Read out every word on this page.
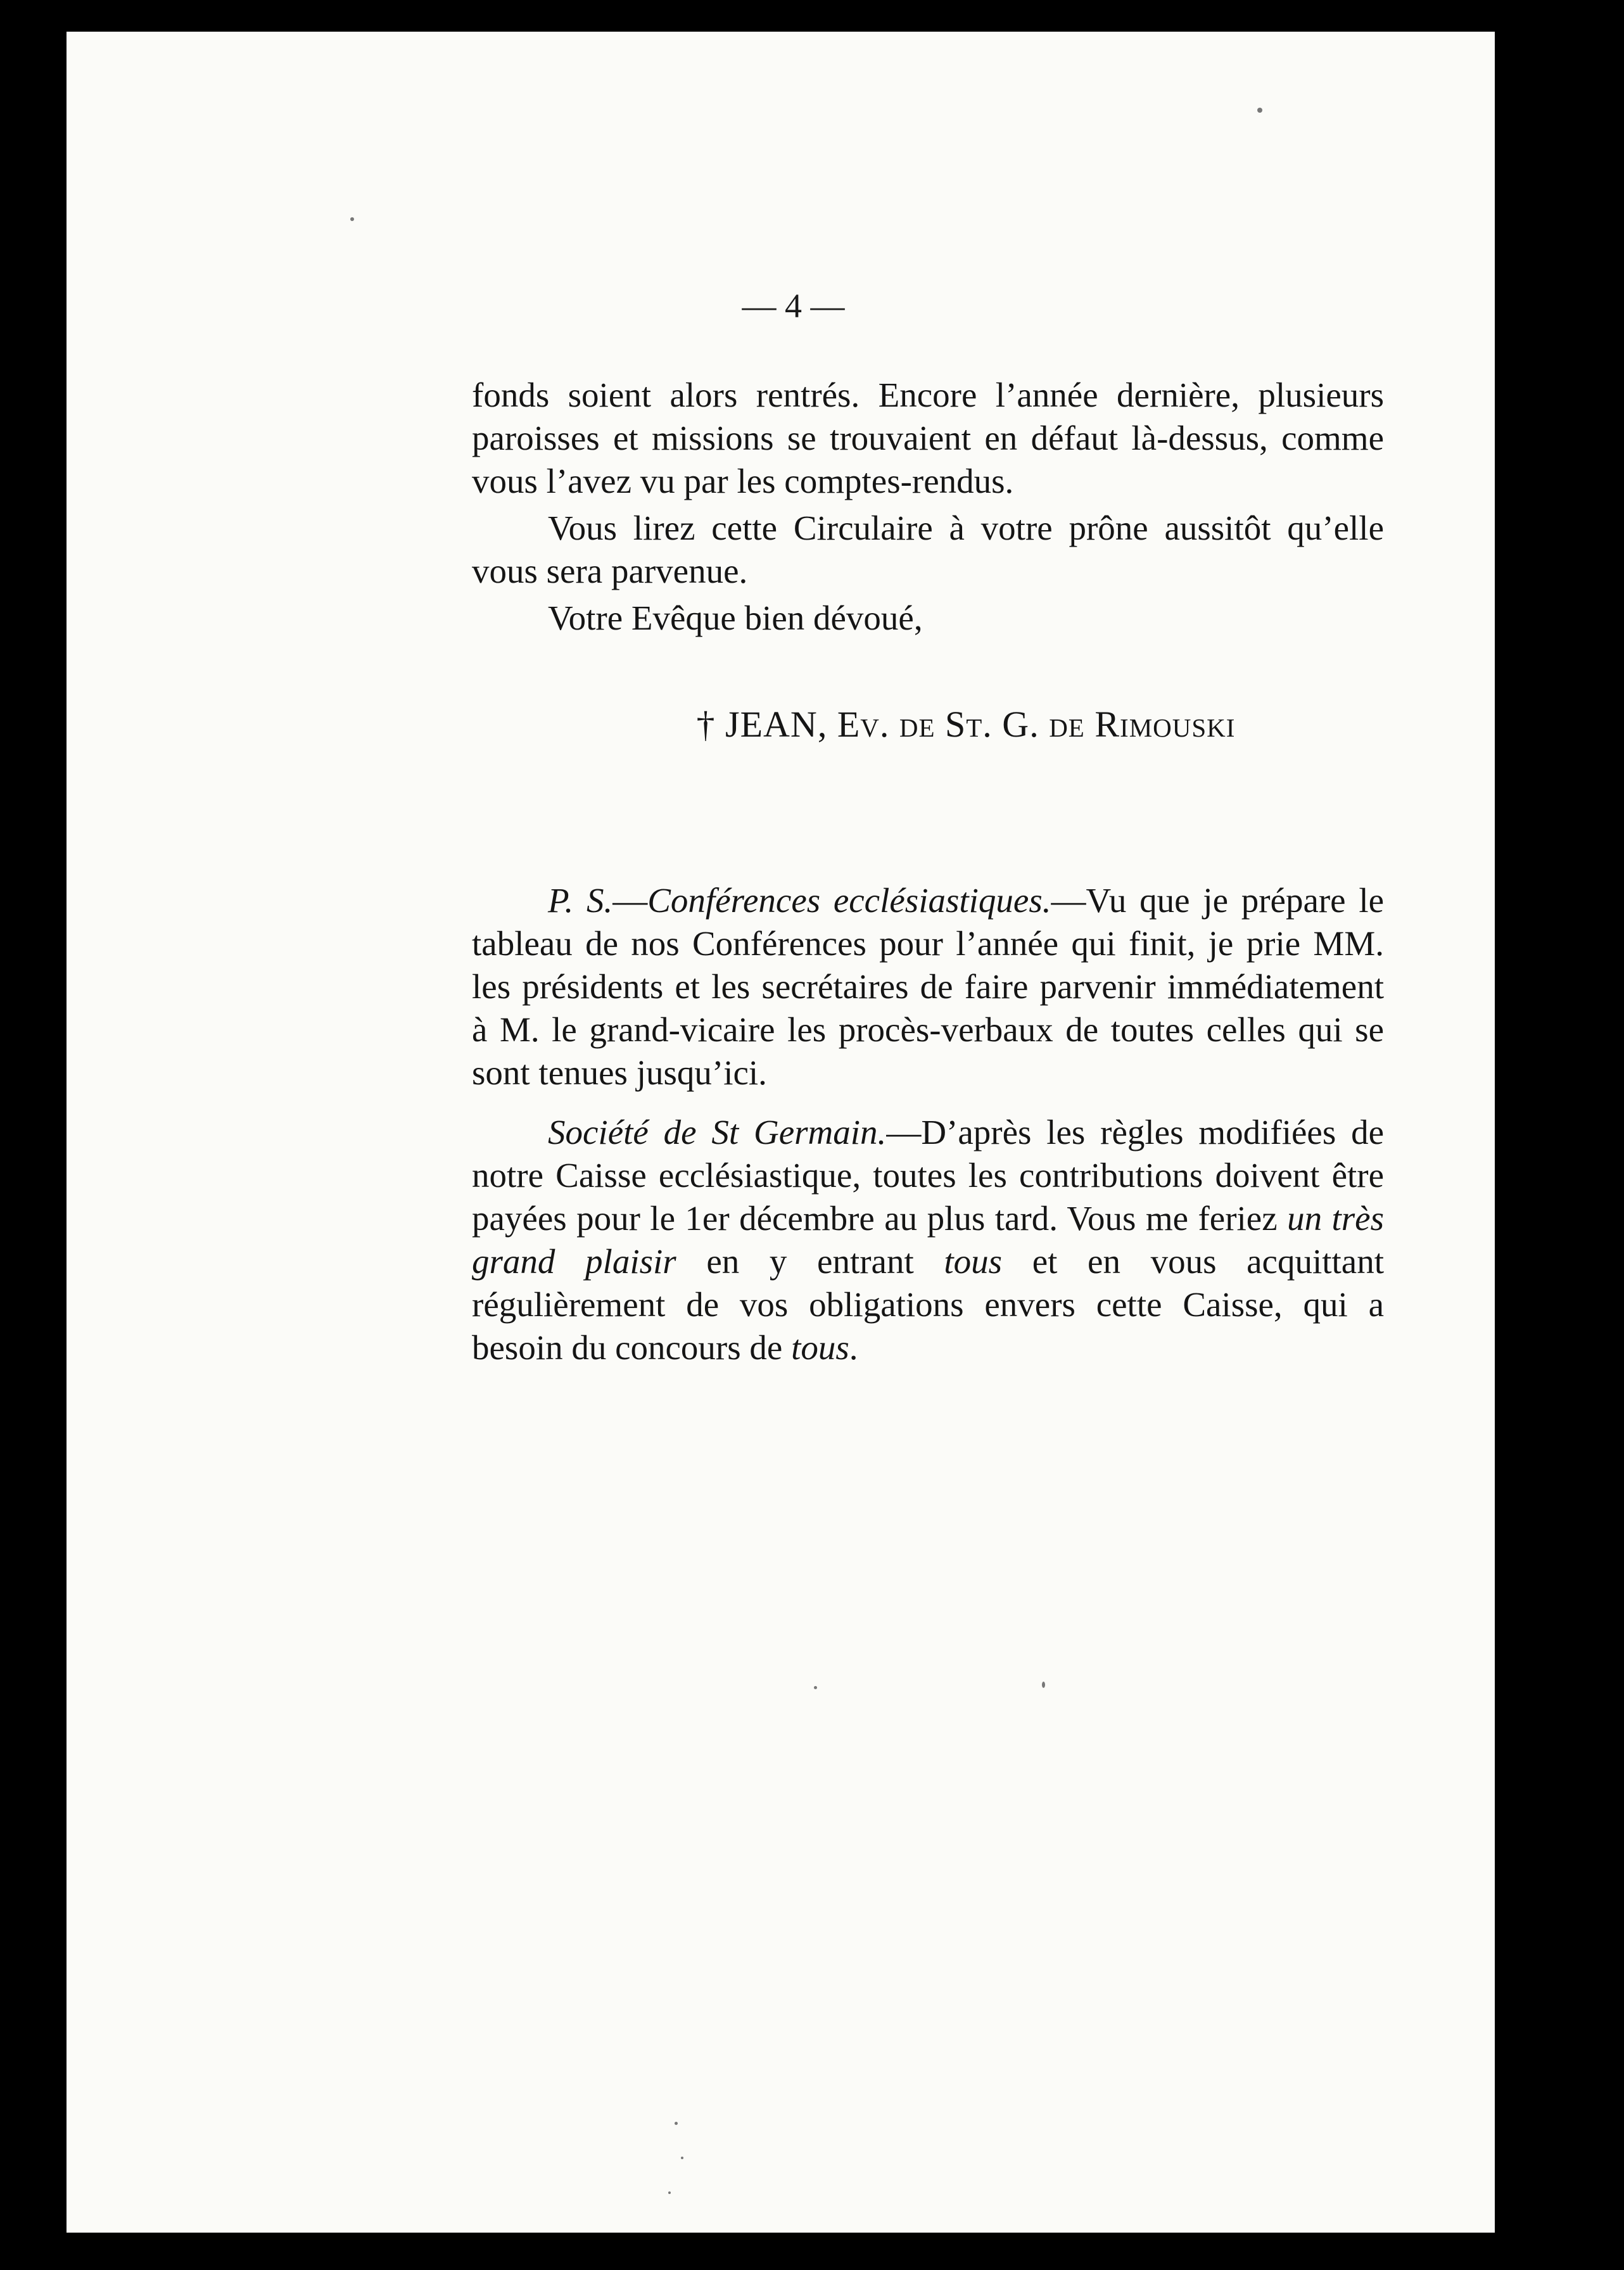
— 4 —

fonds soient alors rentrés. Encore l’année dernière, plusieurs paroisses et missions se trouvaient en défaut là-dessus, comme vous l’avez vu par les comptes-rendus.

Vous lirez cette Circulaire à votre prône aussitôt qu’elle vous sera parvenue.

Votre Evêque bien dévoué,

† JEAN, Ev. de St. G. de Rimouski

P. S.—Conférences ecclésiastiques.—Vu que je prépare le tableau de nos Conférences pour l’année qui finit, je prie MM. les présidents et les secrétaires de faire parvenir immédiatement à M. le grand-vicaire les procès-verbaux de toutes celles qui se sont tenues jusqu’ici.

Société de St Germain.—D’après les règles modifiées de notre Caisse ecclésiastique, toutes les contributions doivent être payées pour le 1er décembre au plus tard. Vous me feriez un très grand plaisir en y entrant tous et en vous acquittant régulièrement de vos obligations envers cette Caisse, qui a besoin du concours de tous.
